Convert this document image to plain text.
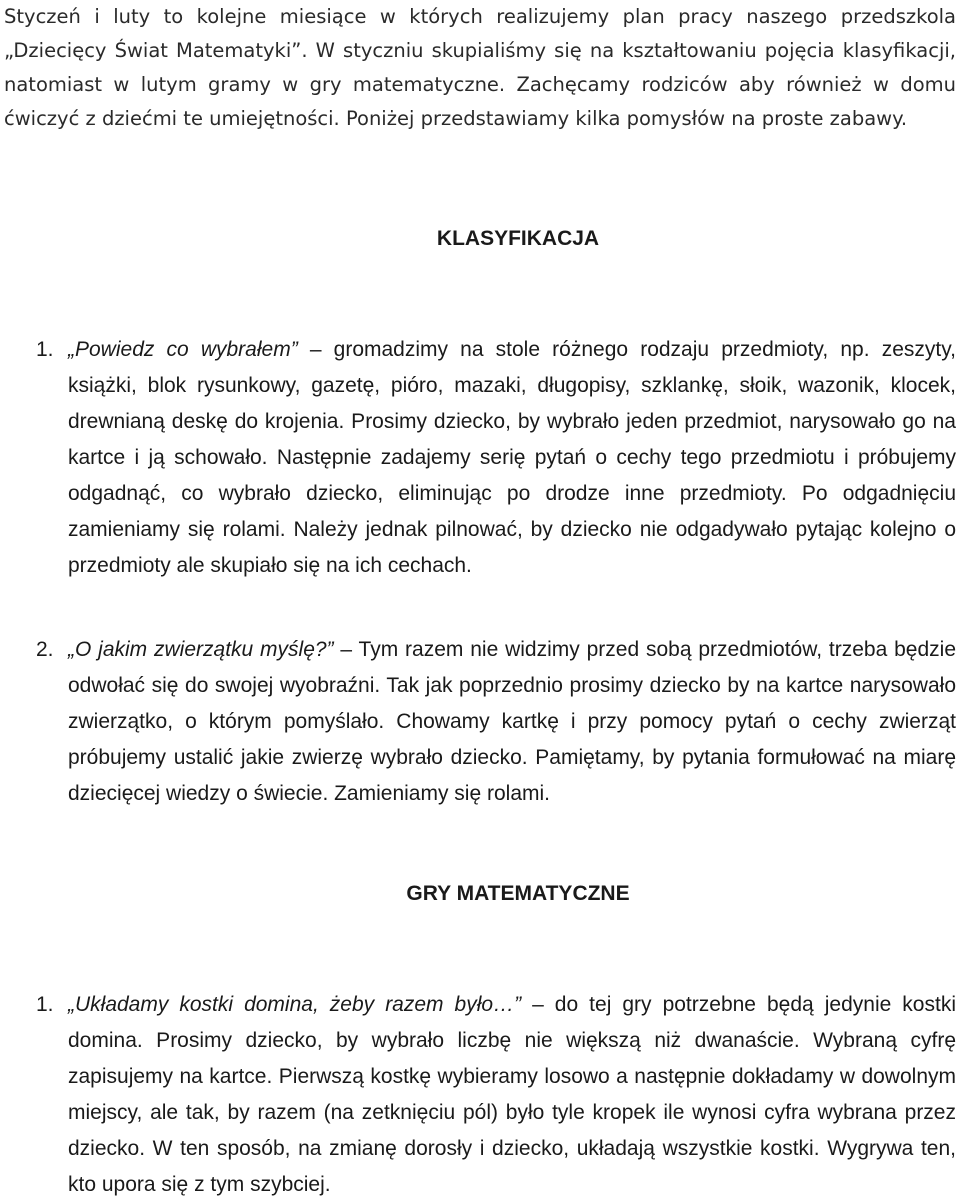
Styczeń i luty to kolejne miesiące w których realizujemy plan pracy naszego przedszkola „Dziecięcy Świat Matematyki”. W styczniu skupialiśmy się na kształtowaniu pojęcia klasyfikacji, natomiast w lutym gramy w gry matematyczne. Zachęcamy rodziców aby również w domu ćwiczyć z dziećmi te umiejętności. Poniżej przedstawiamy kilka pomysłów na proste zabawy.

KLASYFIKACJA

1. „Powiedz co wybrałem” – gromadzimy na stole różnego rodzaju przedmioty, np. zeszyty, książki, blok rysunkowy, gazetę, pióro, mazaki, długopisy, szklankę, słoik, wazonik, klocek, drewnianą deskę do krojenia. Prosimy dziecko, by wybrało jeden przedmiot, narysowało go na kartce i ją schowało. Następnie zadajemy serię pytań o cechy tego przedmiotu i próbujemy odgadnąć, co wybrało dziecko, eliminując po drodze inne przedmioty. Po odgadnięciu zamieniamy się rolami. Należy jednak pilnować, by dziecko nie odgadywało pytając kolejno o przedmioty ale skupiało się na ich cechach.

2. „O jakim zwierzątku myślę?” – Tym razem nie widzimy przed sobą przedmiotów, trzeba będzie odwołać się do swojej wyobraźni. Tak jak poprzednio prosimy dziecko by na kartce narysowało zwierzątko, o którym pomyślało. Chowamy kartkę i przy pomocy pytań o cechy zwierząt próbujemy ustalić jakie zwierzę wybrało dziecko. Pamiętamy, by pytania formułować na miarę dziecięcej wiedzy o świecie. Zamieniamy się rolami.

GRY MATEMATYCZNE

1. „Układamy kostki domina, żeby razem było…” – do tej gry potrzebne będą jedynie kostki domina. Prosimy dziecko, by wybrało liczbę nie większą niż dwanaście. Wybraną cyfrę zapisujemy na kartce. Pierwszą kostkę wybieramy losowo a następnie dokładamy w dowolnym miejscy, ale tak, by razem (na zetknięciu pól) było tyle kropek ile wynosi cyfra wybrana przez dziecko. W ten sposób, na zmianę dorosły i dziecko, układają wszystkie kostki. Wygrywa ten, kto upora się z tym szybciej.
